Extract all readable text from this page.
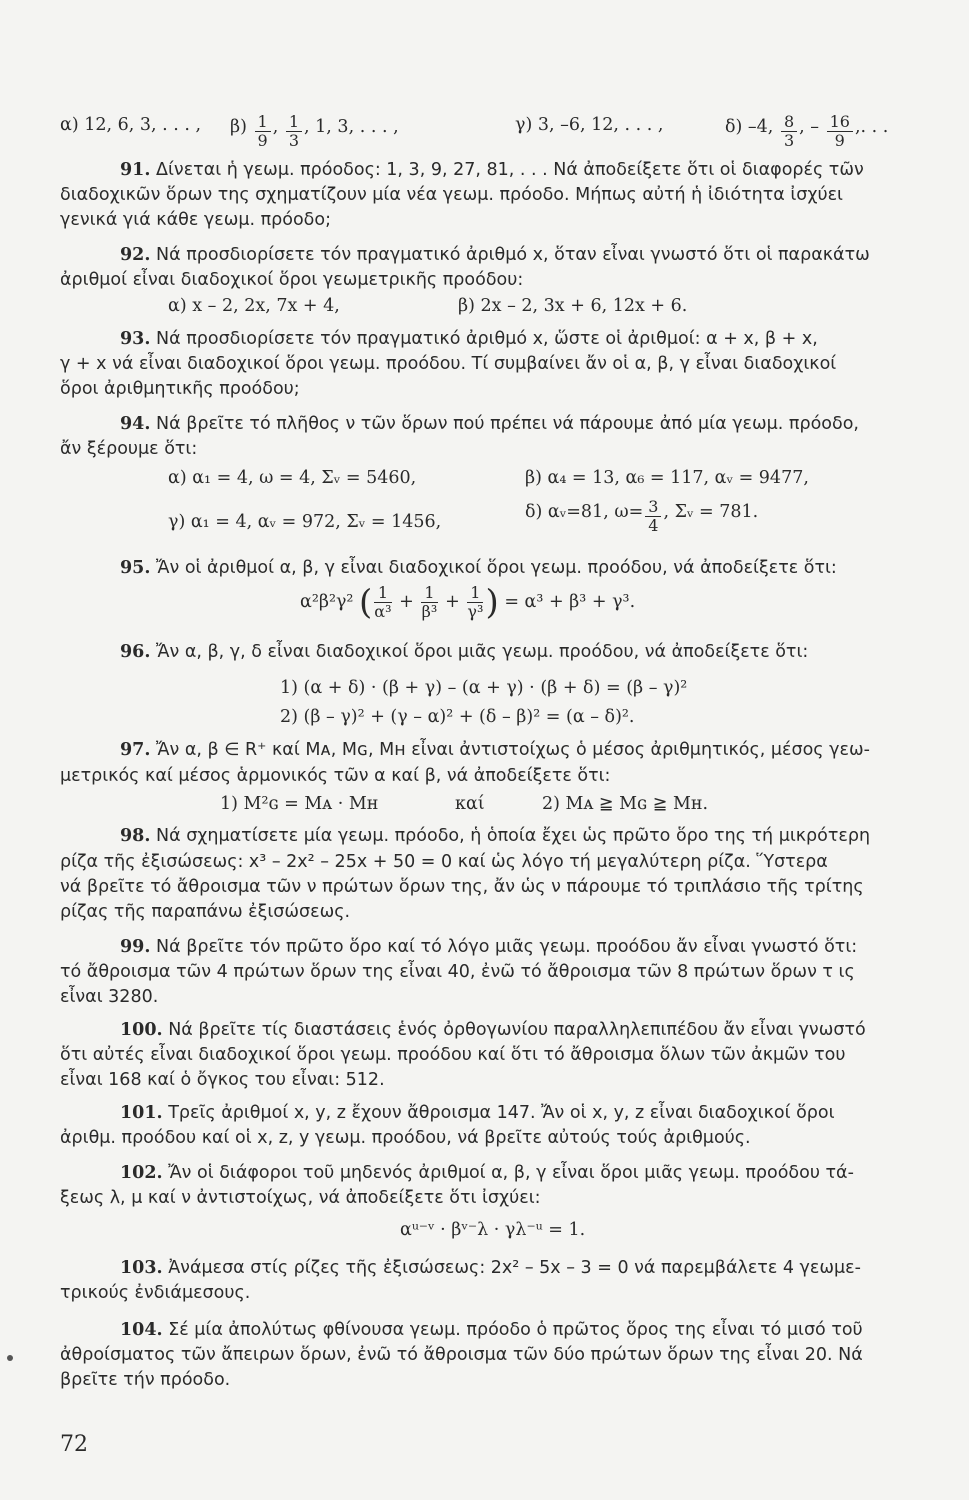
α) 12, 6, 3, . . . , $\beta) \frac{1}{9}$ , $\frac{1}{3}$ , 1, 3, . . . ,	γ) 3, –6, 12, . . . ,	δ) –4, $\frac{8}{3}$ , – $\frac{16}{9}$ ,. . .
91. Δίνεται ἡ γεωμ. πρόοδος: 1, 3, 9, 27, 81, . . . Νά ἀποδείξετε ὅτι οἱ διαφορές τῶν
διαδοχικῶν ὅρων της σχηματίζουν μία νέα γεωμ. πρόοδο. Μήπως αὐτή ἡ ἰδιότητα ἰσχύει
γενικά γιά κάθε γεωμ. πρόοδο;
92. Νά προσδιορίσετε τόν πραγματικό ἀριθμό x, ὅταν εἶναι γνωστό ὅτι οἱ παρακάτω
ἀριθμοί εἶναι διαδοχικοί ὅροι γεωμετρικῆς προόδου:
α) x – 2, 2x, 7x + 4,	β) 2x – 2, 3x + 6, 12x + 6.
93. Νά προσδιορίσετε τόν πραγματικό ἀριθμό x, ὥστε οἱ ἀριθμοί: α + x, β + x,
γ + x νά εἶναι διαδοχικοί ὅροι γεωμ. προόδου. Τί συμβαίνει ἄν οἱ α, β, γ εἶναι διαδοχικοί
ὅροι ἀριθμητικῆς προόδου;
94. Νά βρεῖτε τό πλῆθος ν τῶν ὅρων πού πρέπει νά πάρουμε ἀπό μία γεωμ. πρόοδο,
ἄν ξέρουμε ὅτι:
α) α₁ = 4, ω = 4, Σᵥ = 5460,	β) α₄ = 13, α₆ = 117, αᵥ = 9477,
γ) α₁ = 4, αᵥ = 972, Σᵥ = 1456,	δ) αᵥ=81, $\omega= \frac{3}{4}$ , Σᵥ = 781.
95. Ἄν οἱ ἀριθμοί α, β, γ εἶναι διαδοχικοί ὅροι γεωμ. προόδου, νά ἀποδείξετε ὅτι:
α²β²γ² ( $\frac{1}{\text{α³}} + \frac{1}{\text{β³}} + \frac{1}{\text{γ³}}$ ) = α³ + β³ + γ³.
96. Ἄν α, β, γ, δ εἶναι διαδοχικοί ὅροι μιᾶς γεωμ. προόδου, νά ἀποδείξετε ὅτι:
1) (α + δ) · (β + γ) – (α + γ) · (β + δ) = (β – γ)²
2) (β – γ)² + (γ – α)² + (δ – β)² = (α – δ)².
97. Ἄν α, β ∈ R⁺ καί Mᴀ, Mɢ, Mʜ εἶναι ἀντιστοίχως ὁ μέσος ἀριθμητικός, μέσος γεω-
μετρικός καί μέσος ἁρμονικός τῶν α καί β, νά ἀποδείξετε ὅτι:
1) M²ɢ = Mᴀ · Mʜ	καί	2) Mᴀ ≧ Mɢ ≧ Mʜ.
98. Νά σχηματίσετε μία γεωμ. πρόοδο, ἡ ὁποία ἔχει ὡς πρῶτο ὅρο της τή μικρότερη
ρίζα τῆς ἐξισώσεως: x³ – 2x² – 25x + 50 = 0 καί ὡς λόγο τή μεγαλύτερη ρίζα. Ὕστερα
νά βρεῖτε τό ἄθροισμα τῶν ν πρώτων ὅρων της, ἄν ὡς ν πάρουμε τό τριπλάσιο τῆς τρίτης
ρίζας τῆς παραπάνω ἐξισώσεως.
99. Νά βρεῖτε τόν πρῶτο ὅρο καί τό λόγο μιᾶς γεωμ. προόδου ἄν εἶναι γνωστό ὅτι:
τό ἄθροισμα τῶν 4 πρώτων ὅρων της εἶναι 40, ἐνῶ τό ἄθροισμα τῶν 8 πρώτων ὅρων τ ις
εἶναι 3280.
100. Νά βρεῖτε τίς διαστάσεις ἑνός ὀρθογωνίου παραλληλεπιπέδου ἄν εἶναι γνωστό
ὅτι αὐτές εἶναι διαδοχικοί ὅροι γεωμ. προόδου καί ὅτι τό ἄθροισμα ὅλων τῶν ἀκμῶν του
εἶναι 168 καί ὁ ὄγκος του εἶναι: 512.
101. Τρεῖς ἀριθμοί x, y, z ἔχουν ἄθροισμα 147. Ἄν οἱ x, y, z εἶναι διαδοχικοί ὅροι
ἀριθμ. προόδου καί οἱ x, z, y γεωμ. προόδου, νά βρεῖτε αὐτούς τούς ἀριθμούς.
102. Ἄν οἱ διάφοροι τοῦ μηδενός ἀριθμοί α, β, γ εἶναι ὅροι μιᾶς γεωμ. προόδου τά-
ξεως λ, μ καί ν ἀντιστοίχως, νά ἀποδείξετε ὅτι ἰσχύει:
αᵘ⁻ᵛ · βᵛ⁻λ · γλ⁻ᵘ = 1.
103. Ἀνάμεσα στίς ρίζες τῆς ἐξισώσεως: 2x² – 5x – 3 = 0 νά παρεμβάλετε 4 γεωμε-
τρικούς ἐνδιάμεσους.
104. Σέ μία ἀπολύτως φθίνουσα γεωμ. πρόοδο ὁ πρῶτος ὅρος της εἶναι τό μισό τοῦ
ἀθροίσματος τῶν ἄπειρων ὅρων, ἐνῶ τό ἄθροισμα τῶν δύο πρώτων ὅρων της εἶναι 20. Νά
βρεῖτε τήν πρόοδο.
72
